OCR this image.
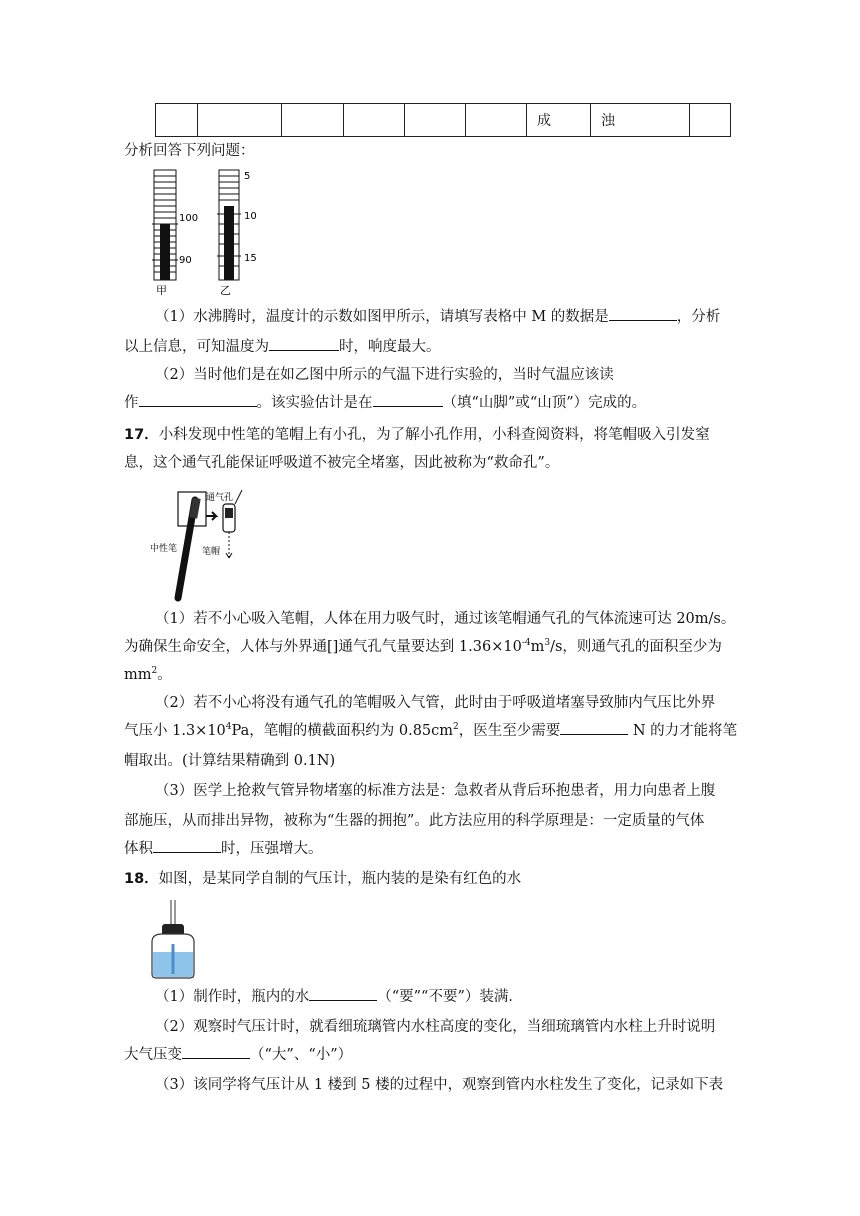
						成	浊	
分析回答下列问题：
100
90
甲
5
10
15
乙
（1）水沸腾时，温度计的示数如图甲所示，请填写表格中 M 的数据是	，分析
以上信息，可知温度为	时，响度最大。
（2）当时他们是在如乙图中所示的气温下进行实验的，当时气温应该读
作	。该实验估计是在	（填“山脚”或“山顶”）完成的。
17．小科发现中性笔的笔帽上有小孔，为了解小孔作用，小科查阅资料，将笔帽吸入引发窒
息，这个通气孔能保证呼吸道不被完全堵塞，因此被称为“救命孔”。
通气孔
中性笔	笔帽
（1）若不小心吸入笔帽，人体在用力吸气时，通过该笔帽通气孔的气体流速可达 20m/s。
为确保生命安全，人体与外界通[]通气孔气量要达到 $1.36\times 10^{-4}m^3/s$，则通气孔的面积至少为
$mm^2$。
（2）若不小心将没有通气孔的笔帽吸入气管，此时由于呼吸道堵塞导致肺内气压比外界
气压小 $1.3\times 10^4Pa$，笔帽的横截面积约为 $0.85cm^2$，医生至少需要	N 的力才能将笔
帽取出。(计算结果精确到 0.1N)
（3）医学上抢救气管异物堵塞的标准方法是：急救者从背后环抱患者，用力向患者上腹
部施压，从而排出异物，被称为“生器的拥抱”。此方法应用的科学原理是：一定质量的气体
体积	时，压强增大。
18．如图，是某同学自制的气压计，瓶内装的是染有红色的水
（1）制作时，瓶内的水	（“要”“不要”）装满．
（2）观察时气压计时，就看细琉璃管内水柱高度的变化，当细琉璃管内水柱上升时说明
大气压变	（“大”、“小”）
（3）该同学将气压计从 1 楼到 5 楼的过程中，观察到管内水柱发生了变化，记录如下表
